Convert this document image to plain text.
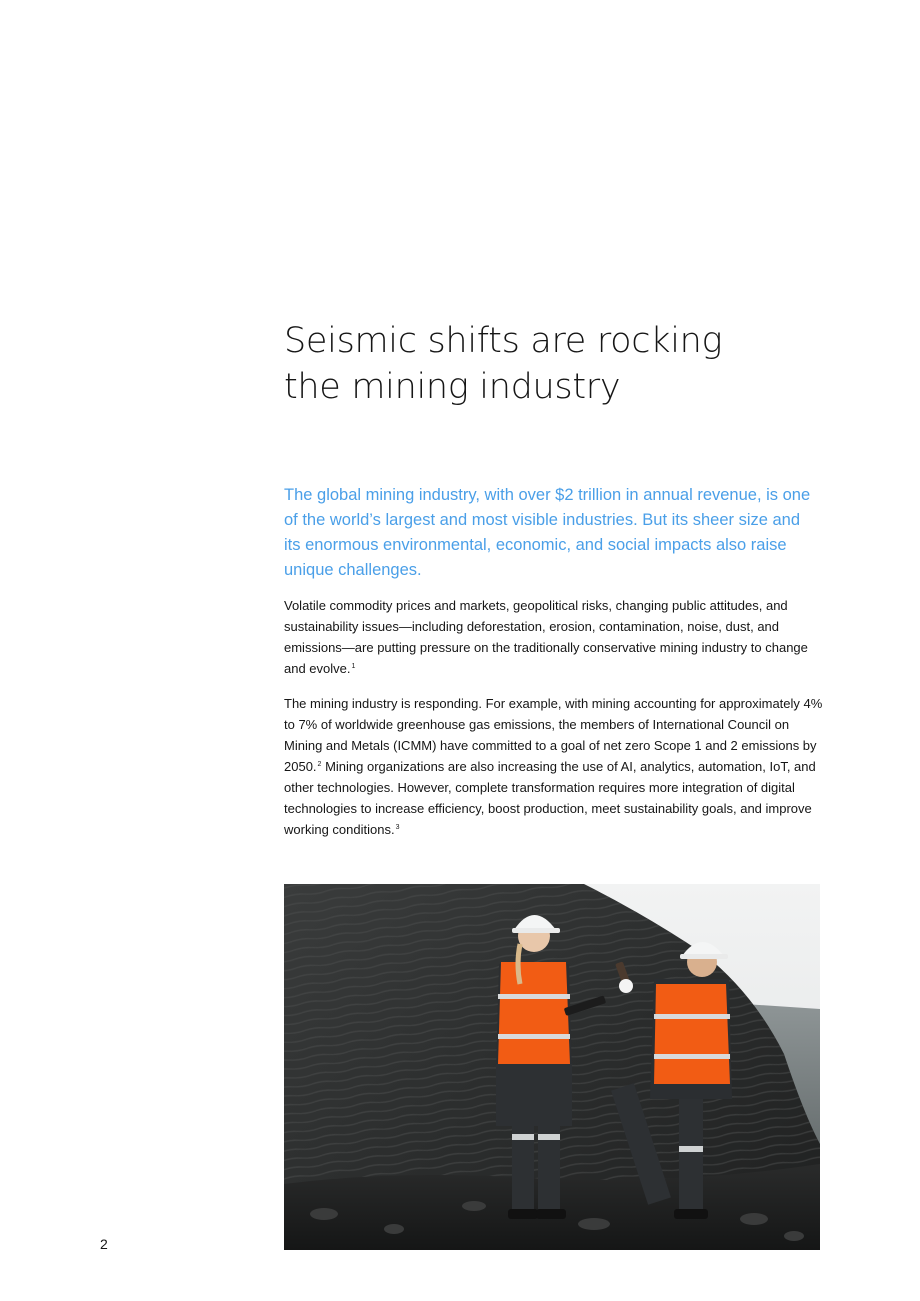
Seismic shifts are rocking
the mining industry

The global mining industry, with over $2 trillion in annual revenue, is one of the world’s largest and most visible industries. But its sheer size and its enormous environmental, economic, and social impacts also raise unique challenges.

Volatile commodity prices and markets, geopolitical risks, changing public attitudes, and sustainability issues—including deforestation, erosion, contamination, noise, dust, and emissions—are putting pressure on the traditionally conservative mining industry to change and evolve.$^1$

The mining industry is responding. For example, with mining accounting for approximately 4% to 7% of worldwide greenhouse gas emissions, the members of International Council on Mining and Metals (ICMM) have committed to a goal of net zero Scope 1 and 2 emissions by 2050.$^2$ Mining organizations are also increasing the use of AI, analytics, automation, IoT, and other technologies. However, complete transformation requires more integration of digital technologies to increase efficiency, boost production, meet sustainability goals, and improve working conditions.$^3$

2
